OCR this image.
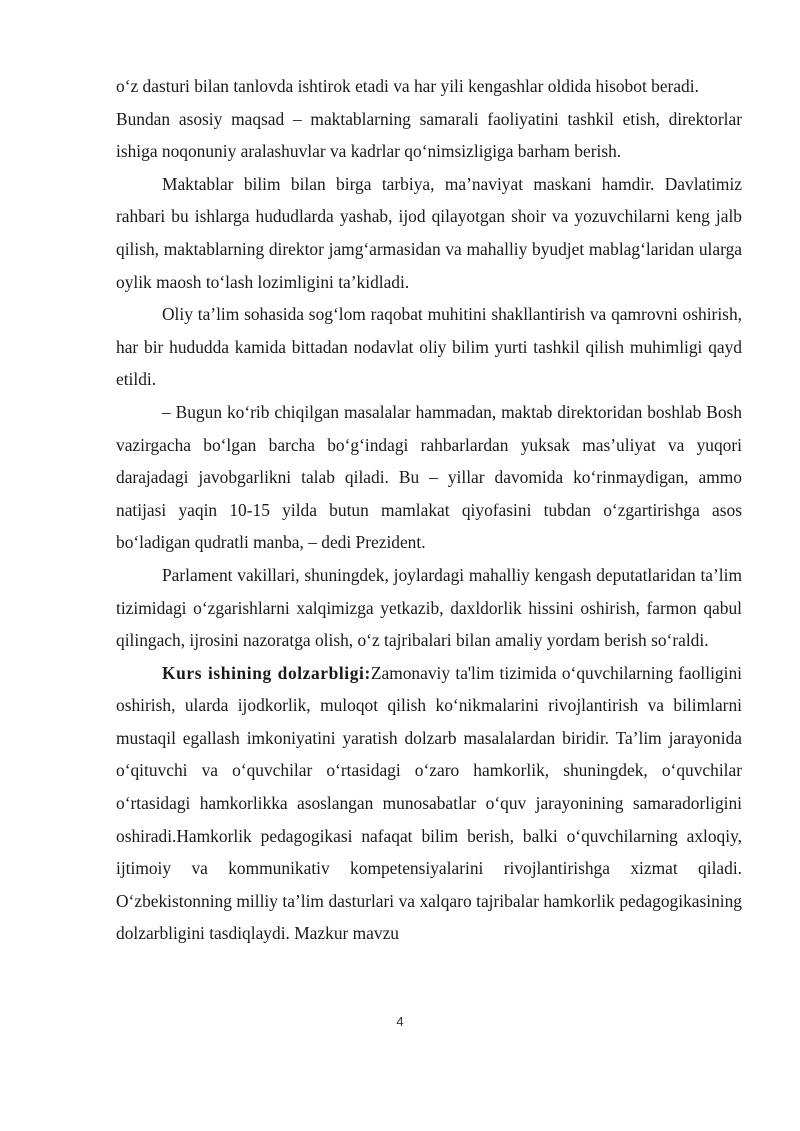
o‘z dasturi bilan tanlovda ishtirok etadi va har yili kengashlar oldida hisobot beradi.

Bundan asosiy maqsad – maktablarning samarali faoliyatini tashkil etish, direktorlar ishiga noqonuniy aralashuvlar va kadrlar qo‘nimsizligiga barham berish.

Maktablar bilim bilan birga tarbiya, ma’naviyat maskani hamdir. Davlatimiz rahbari bu ishlarga hududlarda yashab, ijod qilayotgan shoir va yozuvchilarni keng jalb qilish, maktablarning direktor jamg‘armasidan va mahalliy byudjet mablag‘laridan ularga oylik maosh to‘lash lozimligini ta’kidladi.

Oliy ta’lim sohasida sog‘lom raqobat muhitini shakllantirish va qamrovni oshirish, har bir hududda kamida bittadan nodavlat oliy bilim yurti tashkil qilish muhimligi qayd etildi.

– Bugun ko‘rib chiqilgan masalalar hammadan, maktab direktoridan boshlab Bosh vazirgacha bo‘lgan barcha bo‘g‘indagi rahbarlardan yuksak mas’uliyat va yuqori darajadagi javobgarlikni talab qiladi. Bu – yillar davomida ko‘rinmaydigan, ammo natijasi yaqin 10-15 yilda butun mamlakat qiyofasini tubdan o‘zgartirishga asos bo‘ladigan qudratli manba, – dedi Prezident.

Parlament vakillari, shuningdek, joylardagi mahalliy kengash deputatlaridan ta’lim tizimidagi o‘zgarishlarni xalqimizga yetkazib, daxldorlik hissini oshirish, farmon qabul qilingach, ijrosini nazoratga olish, o‘z tajribalari bilan amaliy yordam berish so‘raldi.

Kurs ishining dolzarbligi:Zamonaviy ta'lim tizimida o‘quvchilarning faolligini oshirish, ularda ijodkorlik, muloqot qilish ko‘nikmalarini rivojlantirish va bilimlarni mustaqil egallash imkoniyatini yaratish dolzarb masalalardan biridir. Ta’lim jarayonida o‘qituvchi va o‘quvchilar o‘rtasidagi o‘zaro hamkorlik, shuningdek, o‘quvchilar o‘rtasidagi hamkorlikka asoslangan munosabatlar o‘quv jarayonining samaradorligini oshiradi.Hamkorlik pedagogikasi nafaqat bilim berish, balki o‘quvchilarning axloqiy, ijtimoiy va kommunikativ kompetensiyalarini rivojlantirishga xizmat qiladi. O‘zbekistonning milliy ta’lim dasturlari va xalqaro tajribalar hamkorlik pedagogikasining dolzarbligini tasdiqlaydi. Mazkur mavzu

4
